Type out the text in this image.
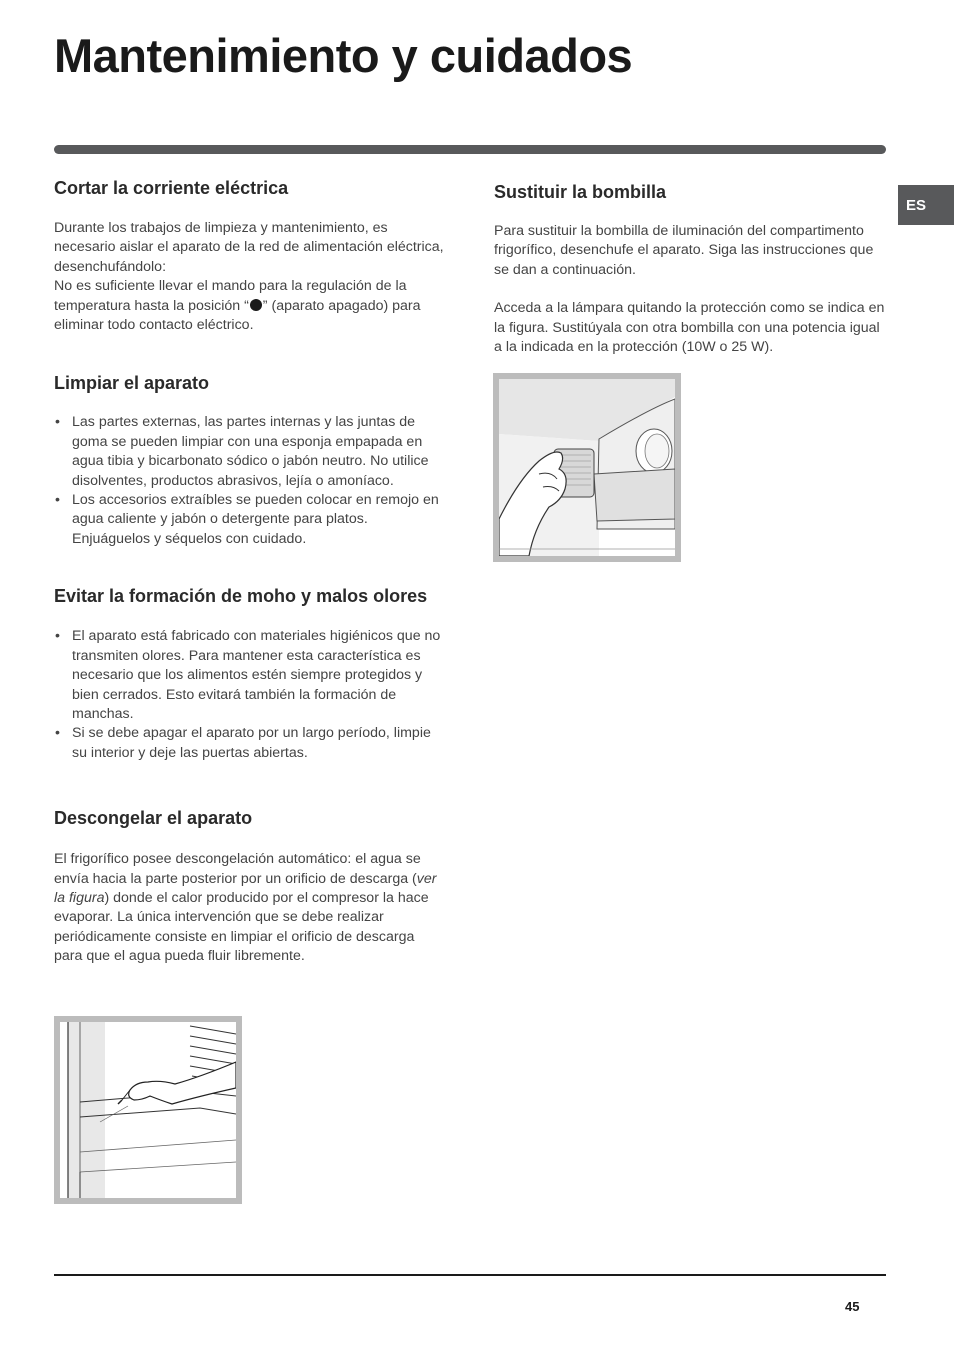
Mantenimiento y cuidados
ES
Cortar la corriente eléctrica

Durante los trabajos de limpieza y mantenimiento, es necesario aislar el aparato de la red de alimentación eléctrica, desenchufándolo:

No es suficiente llevar el mando para la regulación de la temperatura hasta la posición “ ” (aparato apagado) para eliminar todo contacto eléctrico.

Limpiar el aparato
• Las partes externas, las partes internas y las juntas de goma se pueden limpiar con una esponja empapada en agua tibia y bicarbonato sódico o jabón neutro. No utilice disolventes, productos abrasivos, lejía o amoníaco.
• Los accesorios extraíbles se pueden colocar en remojo en agua caliente y jabón o detergente para platos. Enjuáguelos y séquelos con cuidado.
Evitar la formación de moho y malos olores
• El aparato está fabricado con materiales higiénicos que no transmiten olores. Para mantener esta característica es necesario que los alimentos estén siempre protegidos y bien cerrados. Esto evitará también la formación de manchas.
• Si se debe apagar el aparato por un largo período, limpie su interior y deje las puertas abiertas.
Descongelar el aparato

El frigorífico posee descongelación automático: el agua se envía hacia la parte posterior por un orificio de descarga (ver la figura) donde el calor producido por el compresor la hace evaporar. La única intervención que se debe realizar periódicamente consiste en limpiar el orificio de descarga para que el agua pueda fluir libremente.

Sustituir la bombilla

Para sustituir la bombilla de iluminación del compartimento frigorífico, desenchufe el aparato. Siga las instrucciones que se dan a continuación.

Acceda a la lámpara quitando la protección como se indica en la figura. Sustitúyala con otra bombilla con una potencia igual a la indicada en la protección (10W o 25 W).

45
